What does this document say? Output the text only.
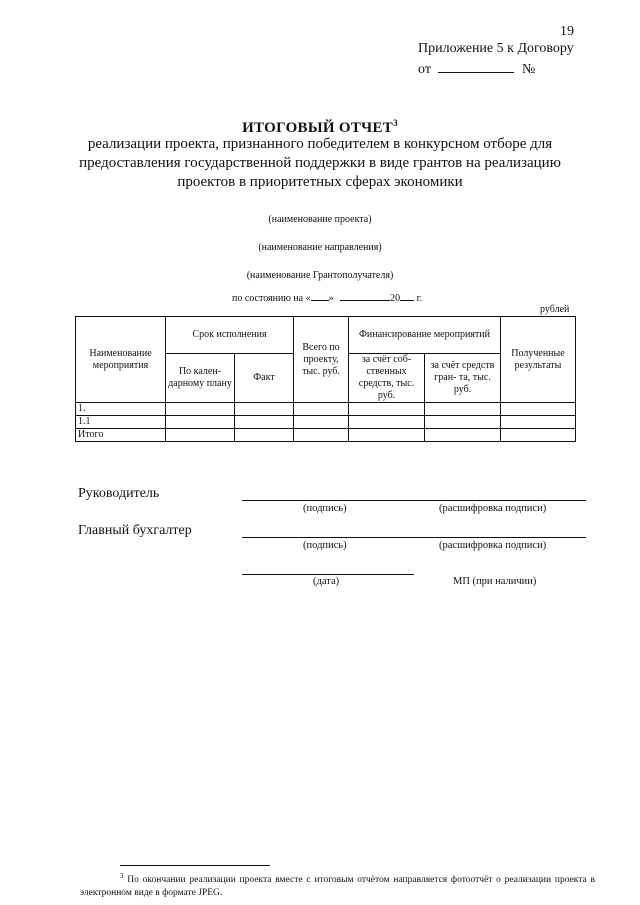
19
Приложение 5 к Договору
от	№
ИТОГОВЫЙ ОТЧЕТ$^3$
реализации проекта, признанного победителем в конкурсном отборе для предоставления государственной поддержки в виде грантов на реализацию проектов в приоритетных сферах экономики
(наименование проекта)
(наименование направления)
(наименование Грантополучателя)
по состоянию на « »	20 г.
рублей
Наименование мероприятия	Срок исполнения		Всего по проекту, тыс. руб.	Финансирование мероприятий		Полученные результаты
	По кален- дарному плану	Факт		за счёт соб- ственных средств, тыс. руб.	за счёт средств гран- та, тыс. руб.	
1.						
1.1						
Итого						
Руководитель
(подпись)	(расшифровка подписи)
Главный бухгалтер
(подпись)	(расшифровка подписи)
(дата)	МП (при наличии)
$^3$ По окончании реализации проекта вместе с итоговым отчётом направляется фотоотчёт о реализации проекта в электронном виде в формате JPEG.
